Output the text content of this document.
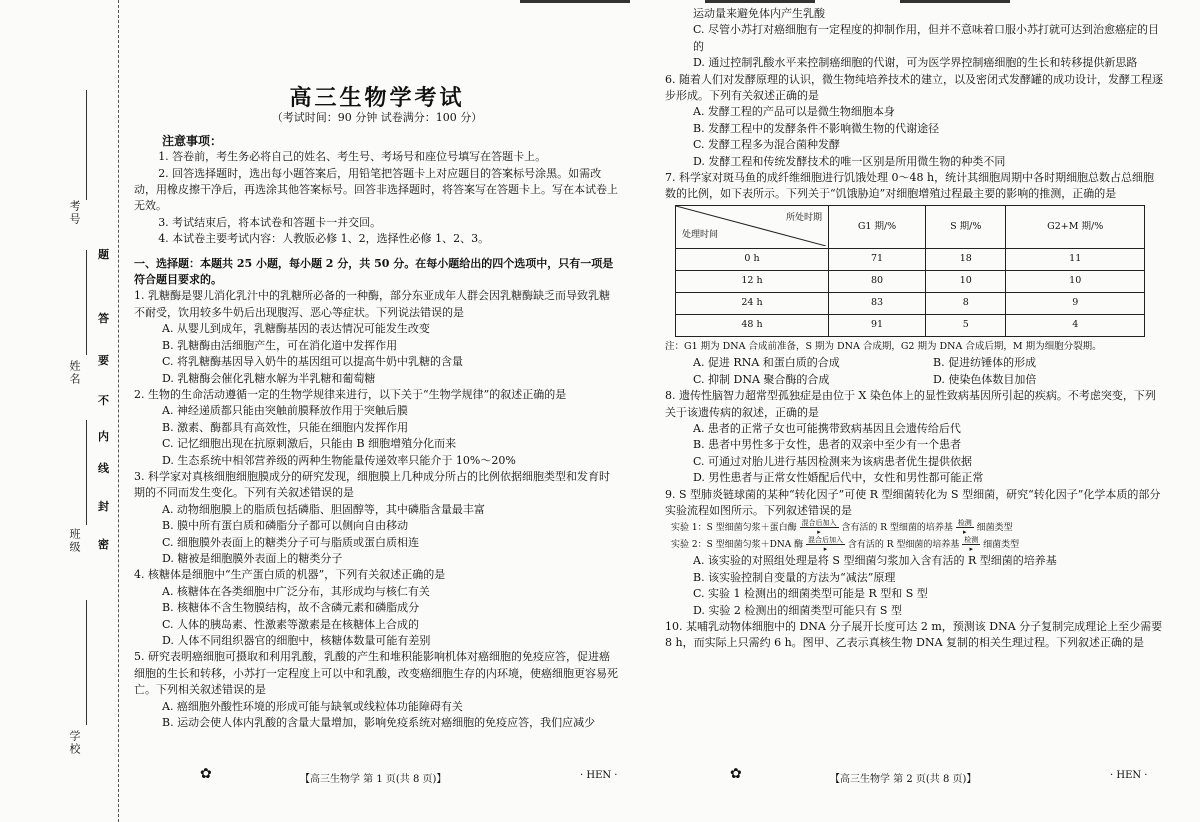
考号
姓名
班级
学校
题
答
要
不
内
线
封
密
高三生物学考试
（考试时间：90 分钟 试卷满分：100 分）
注意事项：

1. 答卷前，考生务必将自己的姓名、考生号、考场号和座位号填写在答题卡上。

2. 回答选择题时，选出每小题答案后，用铅笔把答题卡上对应题目的答案标号涂黑。如需改动，用橡皮擦干净后，再选涂其他答案标号。回答非选择题时，将答案写在答题卡上。写在本试卷上无效。

3. 考试结束后，将本试卷和答题卡一并交回。

4. 本试卷主要考试内容：人教版必修 1、2，选择性必修 1、2、3。

一、选择题：本题共 25 小题，每小题 2 分，共 50 分。在每小题给出的四个选项中，只有一项是符合题目要求的。

1. 乳糖酶是婴儿消化乳汁中的乳糖所必备的一种酶，部分东亚成年人群会因乳糖酶缺乏而导致乳糖不耐受，饮用较多牛奶后出现腹泻、恶心等症状。下列说法错误的是

A. 从婴儿到成年，乳糖酶基因的表达情况可能发生改变

B. 乳糖酶由活细胞产生，可在消化道中发挥作用

C. 将乳糖酶基因导入奶牛的基因组可以提高牛奶中乳糖的含量

D. 乳糖酶会催化乳糖水解为半乳糖和葡萄糖

2. 生物的生命活动遵循一定的生物学规律来进行，以下关于“生物学规律”的叙述正确的是

A. 神经递质都只能由突触前膜释放作用于突触后膜

B. 激素、酶都具有高效性，只能在细胞内发挥作用

C. 记忆细胞出现在抗原刺激后，只能由 B 细胞增殖分化而来

D. 生态系统中相邻营养级的两种生物能量传递效率只能介于 10%～20%

3. 科学家对真核细胞细胞膜成分的研究发现，细胞膜上几种成分所占的比例依据细胞类型和发育时期的不同而发生变化。下列有关叙述错误的是

A. 动物细胞膜上的脂质包括磷脂、胆固醇等，其中磷脂含量最丰富

B. 膜中所有蛋白质和磷脂分子都可以侧向自由移动

C. 细胞膜外表面上的糖类分子可与脂质或蛋白质相连

D. 糖被是细胞膜外表面上的糖类分子

4. 核糖体是细胞中“生产蛋白质的机器”，下列有关叙述正确的是

A. 核糖体在各类细胞中广泛分布，其形成均与核仁有关

B. 核糖体不含生物膜结构，故不含磷元素和磷脂成分

C. 人体的胰岛素、性激素等激素是在核糖体上合成的

D. 人体不同组织器官的细胞中，核糖体数量可能有差别

5. 研究表明癌细胞可摄取和利用乳酸，乳酸的产生和堆积能影响机体对癌细胞的免疫应答，促进癌细胞的生长和转移，小苏打一定程度上可以中和乳酸，改变癌细胞生存的内环境，使癌细胞更容易死亡。下列相关叙述错误的是

A. 癌细胞外酸性环境的形成可能与缺氧或线粒体功能障碍有关

B. 运动会使人体内乳酸的含量大量增加，影响免疫系统对癌细胞的免疫应答，我们应减少

✿	【高三生物学 第 1 页(共 8 页)】	· HEN ·

运动量来避免体内产生乳酸

C. 尽管小苏打对癌细胞有一定程度的抑制作用，但并不意味着口服小苏打就可达到治愈癌症的目的

D. 通过控制乳酸水平来控制癌细胞的代谢，可为医学界控制癌细胞的生长和转移提供新思路

6. 随着人们对发酵原理的认识，微生物纯培养技术的建立，以及密闭式发酵罐的成功设计，发酵工程逐步形成。下列有关叙述正确的是

A. 发酵工程的产品可以是微生物细胞本身

B. 发酵工程中的发酵条件不影响微生物的代谢途径

C. 发酵工程多为混合菌种发酵

D. 发酵工程和传统发酵技术的唯一区别是所用微生物的种类不同

7. 科学家对斑马鱼的成纤维细胞进行饥饿处理 0～48 h，统计其细胞周期中各时期细胞总数占总细胞数的比例，如下表所示。下列关于“饥饿胁迫”对细胞增殖过程最主要的影响的推测，正确的是

所处时期
处理时间	G1 期/%	S 期/%	G2+M 期/%
0 h	71	18	11
12 h	80	10	10
24 h	83	8	9
48 h	91	5	4

注：G1 期为 DNA 合成前准备，S 期为 DNA 合成期，G2 期为 DNA 合成后期，M 期为细胞分裂期。

A. 促进 RNA 和蛋白质的合成	B. 促进纺锤体的形成
C. 抑制 DNA 聚合酶的合成	D. 使染色体数目加倍

8. 遗传性脑智力超常型孤独症是由位于 X 染色体上的显性致病基因所引起的疾病。不考虑突变，下列关于该遗传病的叙述，正确的是

A. 患者的正常子女也可能携带致病基因且会遗传给后代

B. 患者中男性多于女性，患者的双亲中至少有一个患者

C. 可通过对胎儿进行基因检测来为该病患者优生提供依据

D. 男性患者与正常女性婚配后代中，女性和男性都可能正常

9. S 型肺炎链球菌的某种“转化因子”可使 R 型细菌转化为 S 型细菌，研究“转化因子”化学本质的部分实验流程如图所示。下列叙述错误的是

实验 1：S 型细菌匀浆＋蛋白酶 混合后加入
▸ 含有活的 R 型细菌的培养基 检测
▸ 细菌类型
实验 2：S 型细菌匀浆＋DNA 酶 混合后加入
▸ 含有活的 R 型细菌的培养基 检测
▸ 细菌类型

A. 该实验的对照组处理是将 S 型细菌匀浆加入含有活的 R 型细菌的培养基

B. 该实验控制自变量的方法为“减法”原理

C. 实验 1 检测出的细菌类型可能是 R 型和 S 型

D. 实验 2 检测出的细菌类型可能只有 S 型

10. 某哺乳动物体细胞中的 DNA 分子展开长度可达 2 m，预测该 DNA 分子复制完成理论上至少需要 8 h，而实际上只需约 6 h。图甲、乙表示真核生物 DNA 复制的相关生理过程。下列叙述正确的是

✿	【高三生物学 第 2 页(共 8 页)】	· HEN ·
